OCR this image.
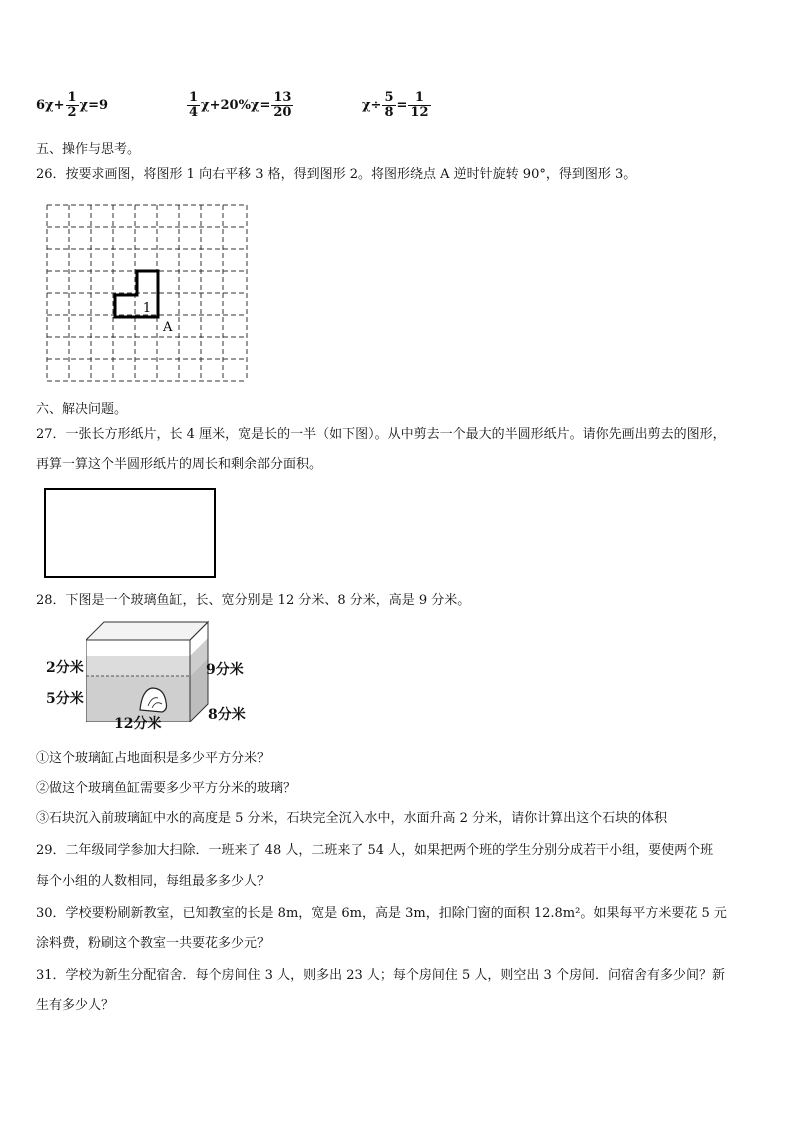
$6\chi+ \frac{1}{2} \chi=9$	$\frac{1}{4} \chi+20\%\chi= \frac{13}{20}$	$\chi\div \frac{5}{8} = \frac{1}{12}$
五、操作与思考。
26．按要求画图，将图形 1 向右平移 3 格，得到图形 2。将图形绕点 A 逆时针旋转 90°，得到图形 3。
1
A
六、解决问题。
27．一张长方形纸片，长 4 厘米，宽是长的一半（如下图）。从中剪去一个最大的半圆形纸片。请你先画出剪去的图形，
再算一算这个半圆形纸片的周长和剩余部分面积。
28．下图是一个玻璃鱼缸，长、宽分别是 12 分米、8 分米，高是 9 分米。
2分米
5分米
9分米
12分米
8分米
①这个玻璃缸占地面积是多少平方分米？
②做这个玻璃鱼缸需要多少平方分米的玻璃？
③石块沉入前玻璃缸中水的高度是 5 分米，石块完全沉入水中，水面升高 2 分米，请你计算出这个石块的体积
29．二年级同学参加大扫除．一班来了 48 人，二班来了 54 人，如果把两个班的学生分别分成若干小组，要使两个班
每个小组的人数相同，每组最多多少人？
30．学校要粉刷新教室，已知教室的长是 8m，宽是 6m，高是 3m，扣除门窗的面积 12.8m²。如果每平方米要花 5 元
涂料费，粉刷这个教室一共要花多少元？
31．学校为新生分配宿舍．每个房间住 3 人，则多出 23 人；每个房间住 5 人，则空出 3 个房间．问宿舍有多少间？新
生有多少人？
